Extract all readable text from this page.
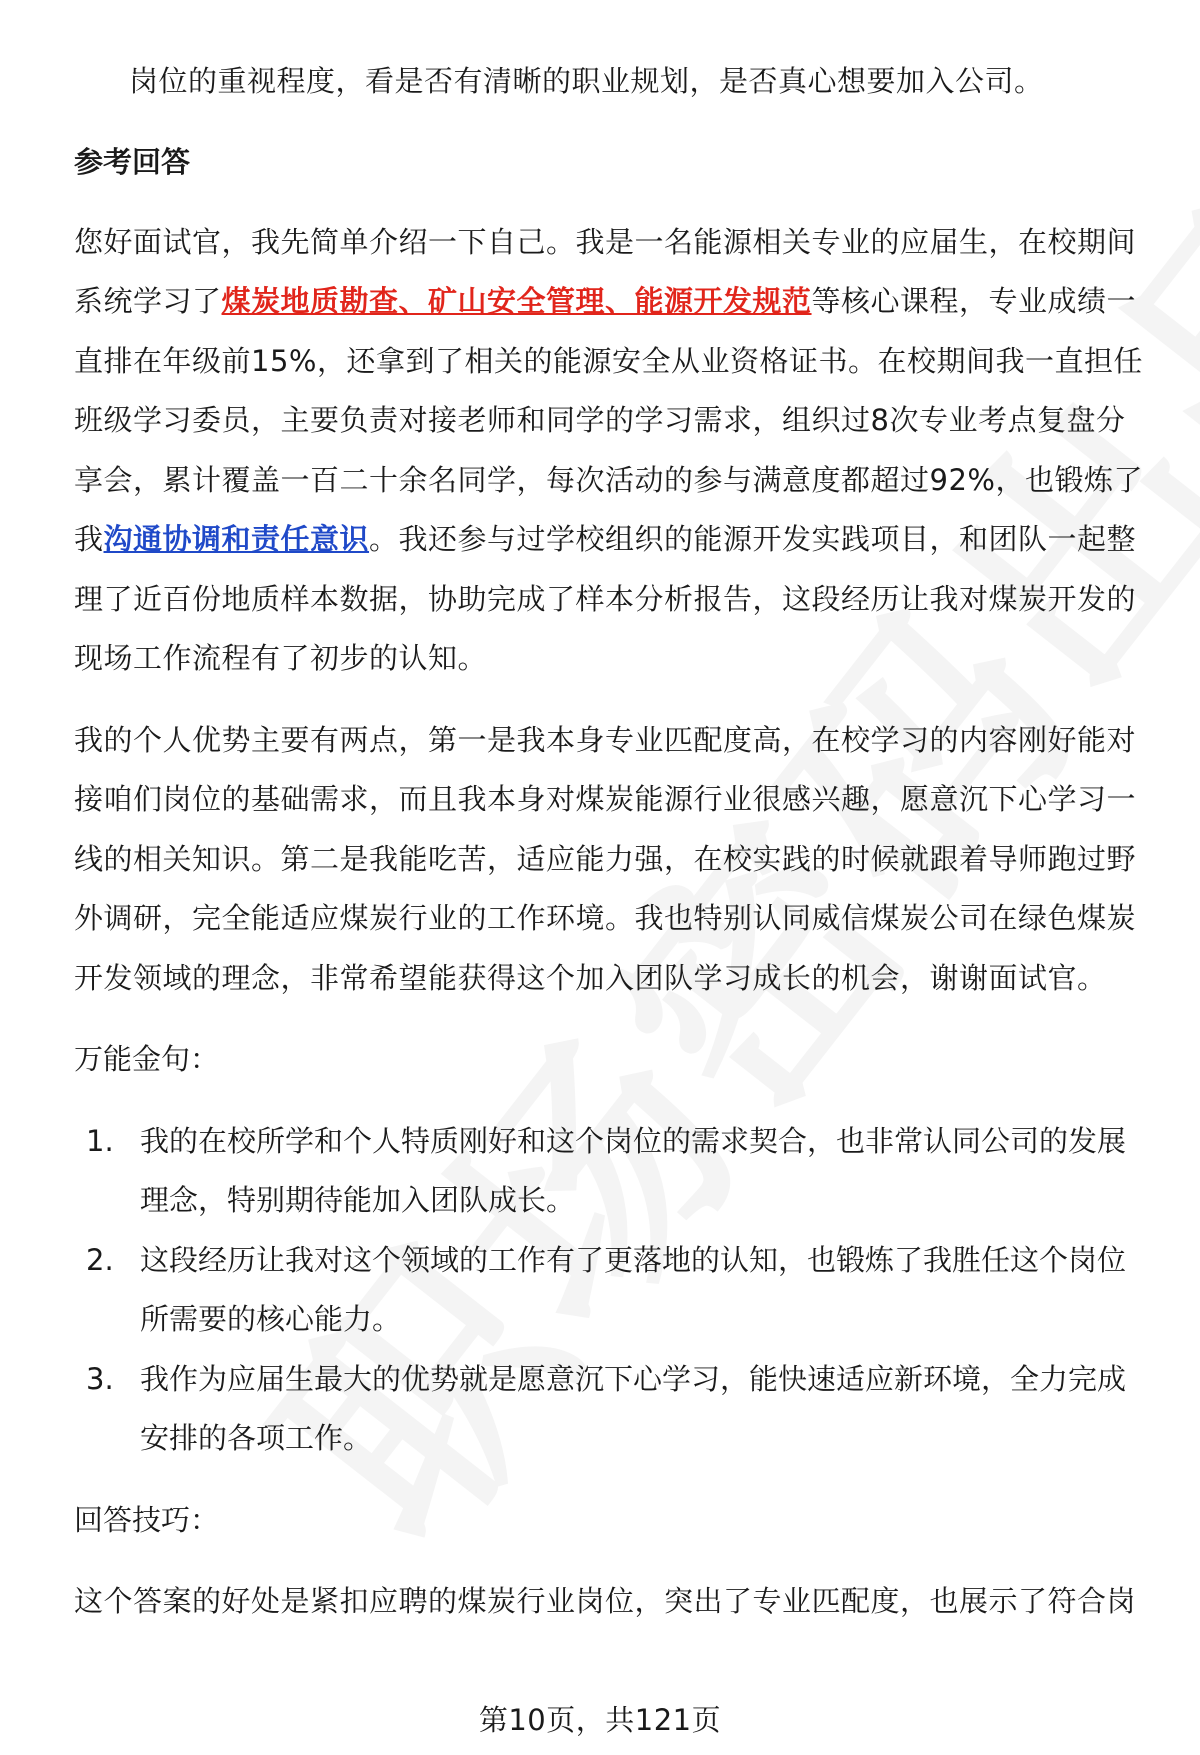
岗位的重视程度，看是否有清晰的职业规划，是否真心想要加入公司。

参考回答

您好面试官，我先简单介绍一下自己。我是一名能源相关专业的应届生，在校期间系统学习了煤炭地质勘查、矿山安全管理、能源开发规范等核心课程，专业成绩一直排在年级前15%，还拿到了相关的能源安全从业资格证书。在校期间我一直担任班级学习委员，主要负责对接老师和同学的学习需求，组织过8次专业考点复盘分享会，累计覆盖一百二十余名同学，每次活动的参与满意度都超过92%，也锻炼了我沟通协调和责任意识。我还参与过学校组织的能源开发实践项目，和团队一起整理了近百份地质样本数据，协助完成了样本分析报告，这段经历让我对煤炭开发的现场工作流程有了初步的认知。

我的个人优势主要有两点，第一是我本身专业匹配度高，在校学习的内容刚好能对接咱们岗位的基础需求，而且我本身对煤炭能源行业很感兴趣，愿意沉下心学习一线的相关知识。第二是我能吃苦，适应能力强，在校实践的时候就跟着导师跑过野外调研，完全能适应煤炭行业的工作环境。我也特别认同威信煤炭公司在绿色煤炭开发领域的理念，非常希望能获得这个加入团队学习成长的机会，谢谢面试官。

万能金句：
1. 我的在校所学和个人特质刚好和这个岗位的需求契合，也非常认同公司的发展理念，特别期待能加入团队成长。
2. 这段经历让我对这个领域的工作有了更落地的认知，也锻炼了我胜任这个岗位所需要的核心能力。
3. 我作为应届生最大的优势就是愿意沉下心学习，能快速适应新环境，全力完成安排的各项工作。
回答技巧：

这个答案的好处是紧扣应聘的煤炭行业岗位，突出了专业匹配度，也展示了符合岗

第10页，共121页
